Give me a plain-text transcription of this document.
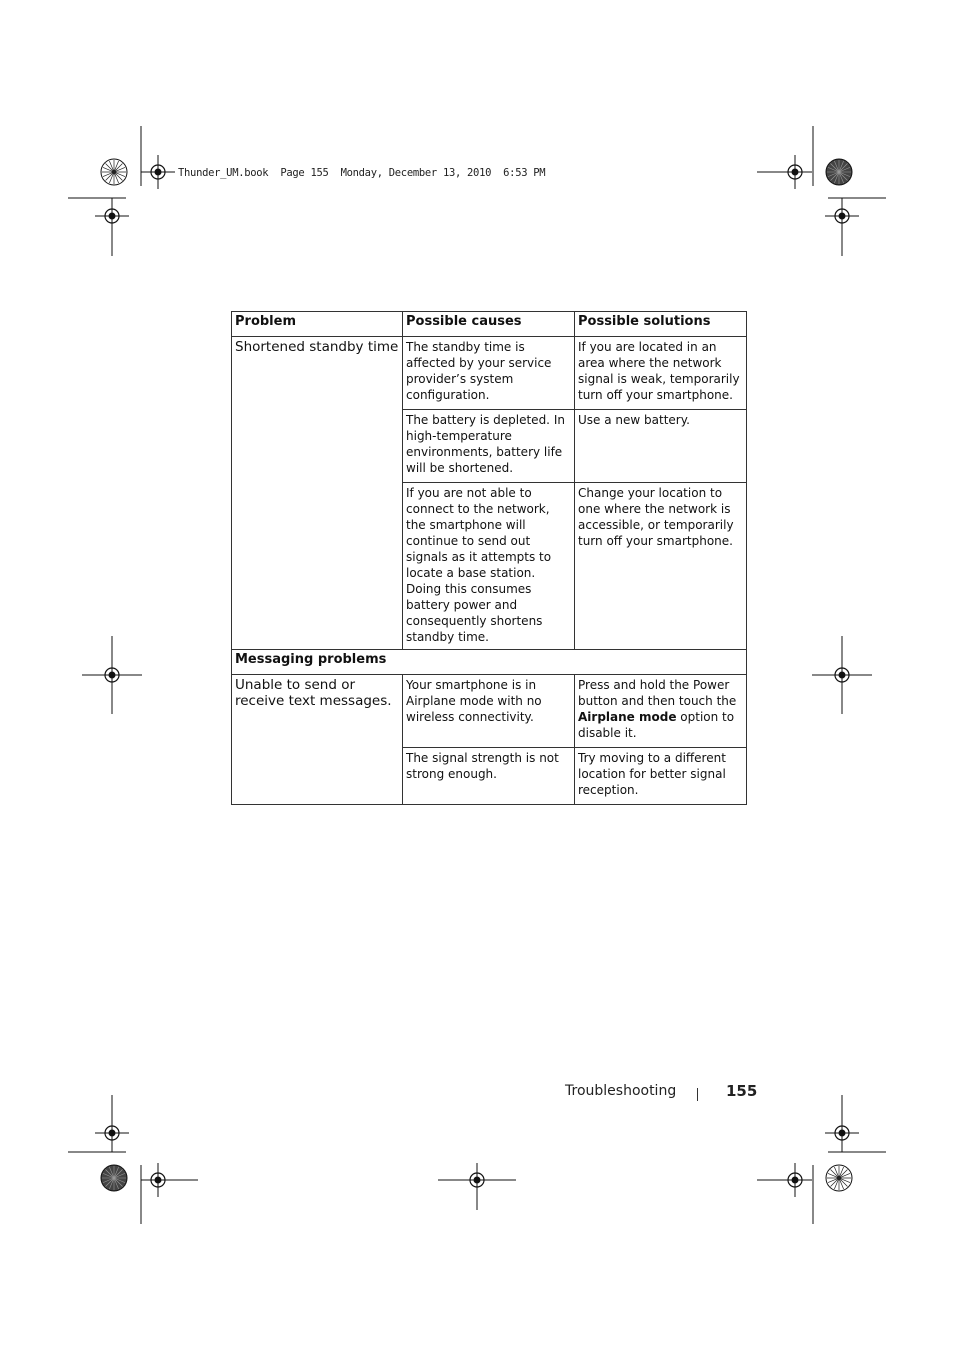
Thunder_UM.book  Page 155  Monday, December 13, 2010  6:53 PM
Problem	Possible causes	Possible solutions
Shortened standby time	The standby time is affected by your service provider’s system configuration.	If you are located in an area where the network signal is weak, temporarily turn off your smartphone.
	The battery is depleted. In high-temperature environments, battery life will be shortened.	Use a new battery.
	If you are not able to connect to the network, the smartphone will continue to send out signals as it attempts to locate a base station. Doing this consumes battery power and consequently shortens standby time.	Change your location to one where the network is accessible, or temporarily turn off your smartphone.
Messaging problems		
Unable to send or receive text messages.	Your smartphone is in Airplane mode with no wireless connectivity.	Press and hold the Power button and then touch the Airplane mode option to disable it.
	The signal strength is not strong enough.	Try moving to a different location for better signal reception.
Troubleshooting	155
